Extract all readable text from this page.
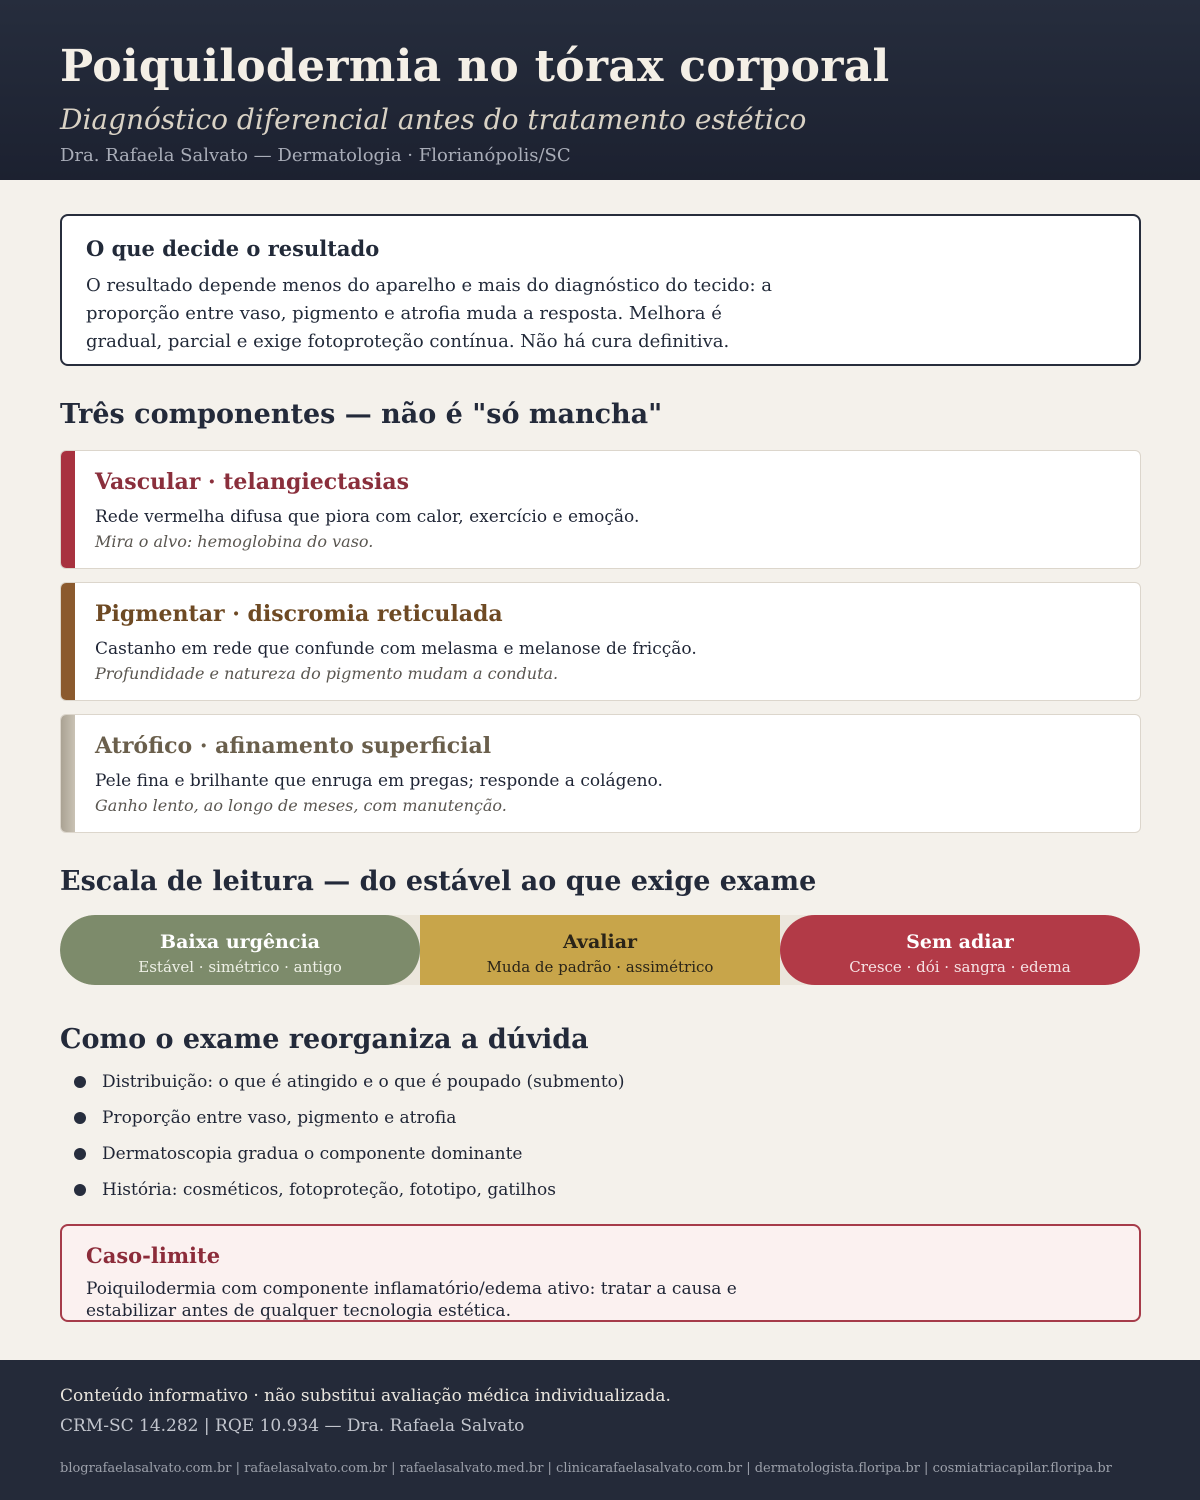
Poiquilodermia no tórax corporal
Diagnóstico diferencial antes do tratamento estético
Dra. Rafaela Salvato — Dermatologia · Florianópolis/SC
O que decide o resultado

O resultado depende menos do aparelho e mais do diagnóstico do tecido: a proporção entre vaso, pigmento e atrofia muda a resposta. Melhora é gradual, parcial e exige fotoproteção contínua. Não há cura definitiva.

Três componentes — não é "só mancha"
Vascular · telangiectasias
Rede vermelha difusa que piora com calor, exercício e emoção.
Mira o alvo: hemoglobina do vaso.
Pigmentar · discromia reticulada
Castanho em rede que confunde com melasma e melanose de fricção.
Profundidade e natureza do pigmento mudam a conduta.
Atrófico · afinamento superficial
Pele fina e brilhante que enruga em pregas; responde a colágeno.
Ganho lento, ao longo de meses, com manutenção.
Escala de leitura — do estável ao que exige exame
Baixa urgência
Estável · simétrico · antigo
Avaliar
Muda de padrão · assimétrico
Sem adiar
Cresce · dói · sangra · edema
Como o exame reorganiza a dúvida
Distribuição: o que é atingido e o que é poupado (submento)
Proporção entre vaso, pigmento e atrofia
Dermatoscopia gradua o componente dominante
História: cosméticos, fotoproteção, fototipo, gatilhos
Caso-limite

Poiquilodermia com componente inflamatório/edema ativo: tratar a causa e estabilizar antes de qualquer tecnologia estética.

Conteúdo informativo · não substitui avaliação médica individualizada.
CRM-SC 14.282 | RQE 10.934 — Dra. Rafaela Salvato
blografaelasalvato.com.br | rafaelasalvato.com.br | rafaelasalvato.med.br | clinicarafaelasalvato.com.br | dermatologista.floripa.br | cosmiatriacapilar.floripa.br
